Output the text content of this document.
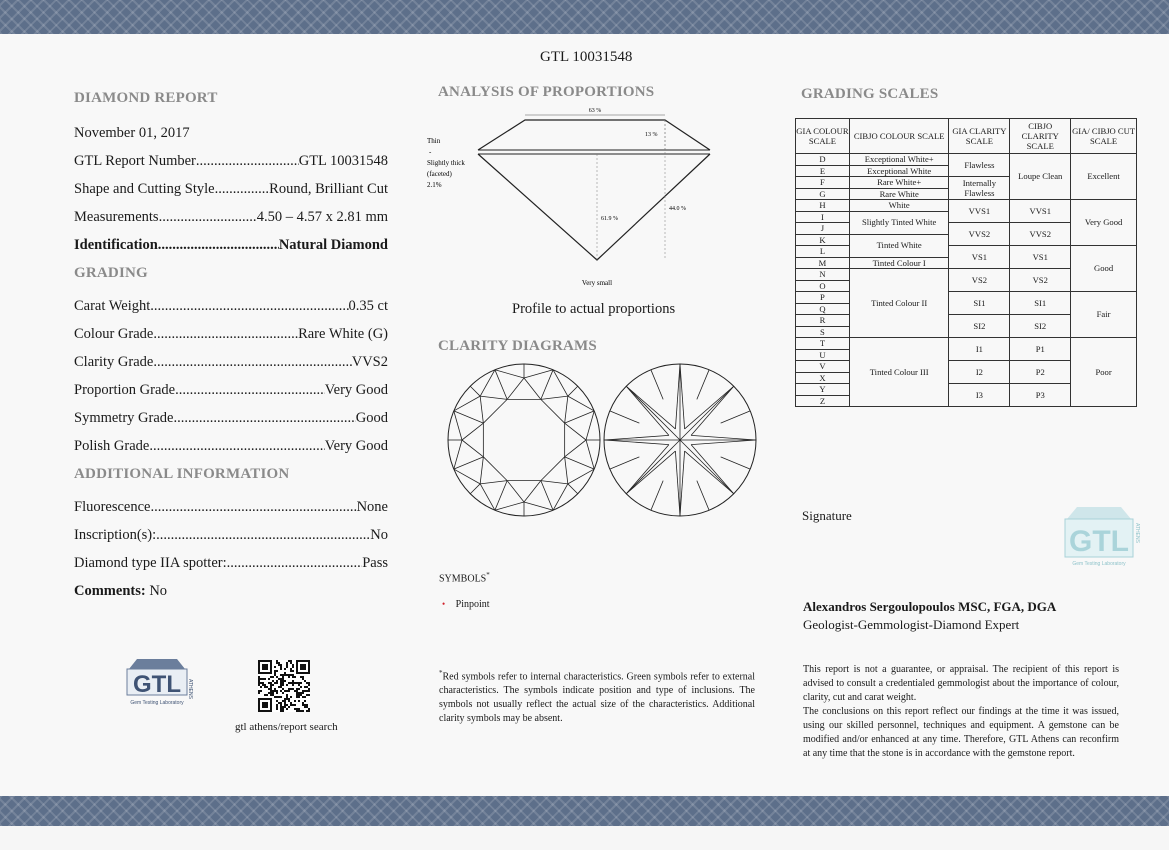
GTL 10031548
DIAMOND REPORT
November 01, 2017
GTL Report Number .....	GTL 10031548
Shape and Cutting Style .....	Round, Brilliant Cut
Measurements .....	4.50 – 4.57 x 2.81 mm
Identification .....	Natural Diamond
GRADING
Carat Weight .....	0.35 ct
Colour Grade .....	Rare White (G)
Clarity Grade .....	VVS2
Proportion Grade .....	Very Good
Symmetry Grade .....	Good
Polish Grade .....	Very Good
ADDITIONAL INFORMATION
Fluorescence .....	None
Inscription(s): .....	No
Diamond type IIA spotter: .....	Pass
Comments: No
GTL ATHENS
Gem Testing Laboratory
gtl athens/report search
ANALYSIS OF PROPORTIONS
63 %
13 %
61.9 %
44.0 %
Thin
-
Slightly thick
(faceted)
2.1%
Very small
Profile to actual proportions
CLARITY DIAGRAMS
SYMBOLS*
• Pinpoint
*Red symbols refer to internal characteristics. Green symbols refer to external characteristics. The symbols indicate position and type of inclusions. The symbols not usually reflect the actual size of the characteristics. Additional clarity symbols may be absent.
GRADING SCALES
GIA COLOUR SCALE	CIBJO COLOUR SCALE	GIA CLARITY SCALE	CIBJO CLARITY SCALE	GIA/ CIBJO CUT SCALE
D	Exceptional White+	Flawless	Loupe Clean	Excellent
E	Exceptional White			
F	Rare White+	Internally Flawless		
G	Rare White			
H	White	VVS1	VVS1	Very Good
I	Slightly Tinted White			
J		VVS2	VVS2	
K	Tinted White			
L		VS1	VS1	Good
M	Tinted Colour I			
N	Tinted Colour II	VS2	VS2	
O				
P		SI1	SI1	Fair
Q				
R		SI2	SI2	
S				
T	Tinted Colour III	I1	P1	Poor
U				
V		I2	P2	
X				
Y		I3	P3	
Z				
Signature
GTL ATHENS
Gem Testing Laboratory
Alexandros Sergoulopoulos MSC, FGA, DGA
Geologist-Gemmologist-Diamond Expert
This report is not a guarantee, or appraisal. The recipient of this report is advised to consult a credentialed gemmologist about the importance of colour, clarity, cut and carat weight.
The conclusions on this report reflect our findings at the time it was issued, using our skilled personnel, techniques and equipment. A gemstone can be modified and/or enhanced at any time. Therefore, GTL Athens can reconfirm at any time that the stone is in accordance with the gemstone report.
